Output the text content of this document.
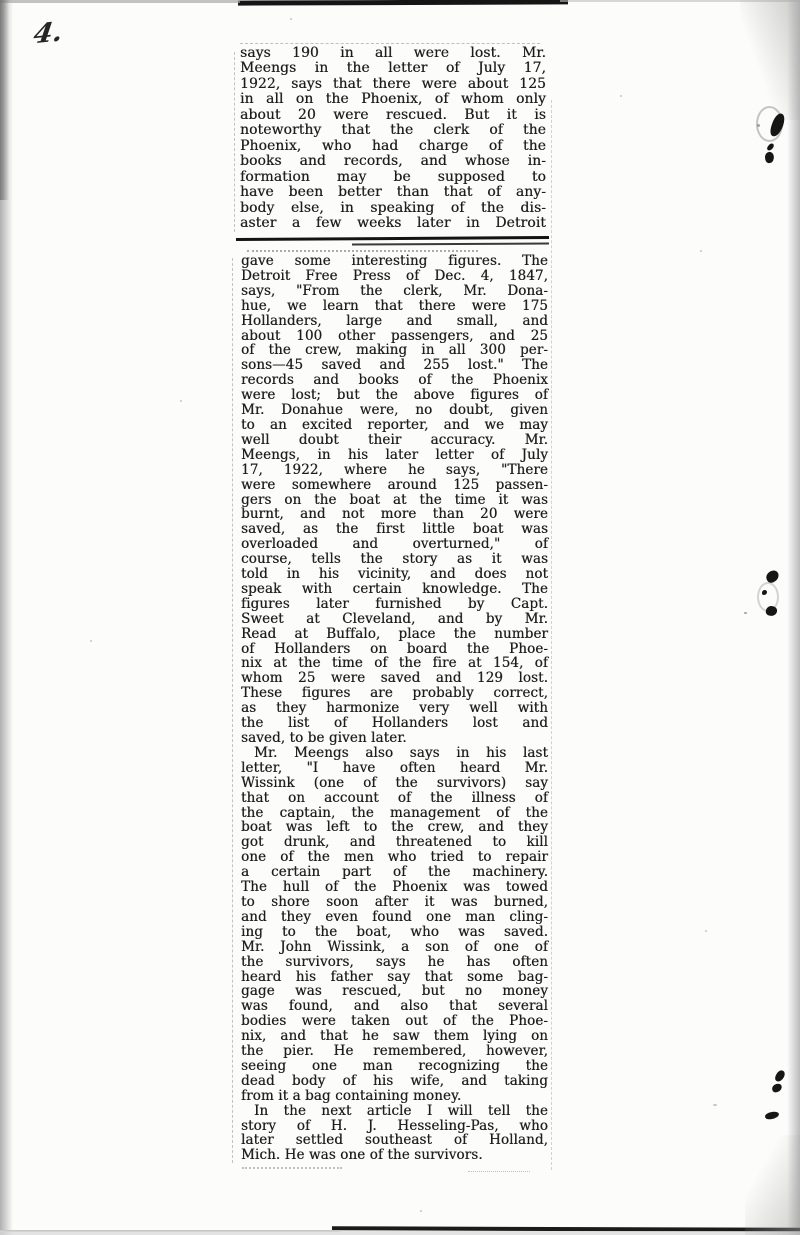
4.
says 190 in all were lost. Mr.
Meengs in the letter of July 17,
1922, says that there were about 125
in all on the Phoenix, of whom only
about 20 were rescued. But it is
noteworthy that the clerk of the
Phoenix, who had charge of the
books and records, and whose in-
formation may be supposed to
have been better than that of any-
body else, in speaking of the dis-
aster a few weeks later in Detroit
gave some interesting figures. The
Detroit Free Press of Dec. 4, 1847,
says, "From the clerk, Mr. Dona-
hue, we learn that there were 175
Hollanders, large and small, and
about 100 other passengers, and 25
of the crew, making in all 300 per-
sons—45 saved and 255 lost." The
records and books of the Phoenix
were lost; but the above figures of
Mr. Donahue were, no doubt, given
to an excited reporter, and we may
well doubt their accuracy. Mr.
Meengs, in his later letter of July
17, 1922, where he says, "There
were somewhere around 125 passen-
gers on the boat at the time it was
burnt, and not more than 20 were
saved, as the first little boat was
overloaded and overturned," of
course, tells the story as it was
told in his vicinity, and does not
speak with certain knowledge. The
figures later furnished by Capt.
Sweet at Cleveland, and by Mr.
Read at Buffalo, place the number
of Hollanders on board the Phoe-
nix at the time of the fire at 154, of
whom 25 were saved and 129 lost.
These figures are probably correct,
as they harmonize very well with
the list of Hollanders lost and
saved, to be given later.
Mr. Meengs also says in his last
letter, "I have often heard Mr.
Wissink (one of the survivors) say
that on account of the illness of
the captain, the management of the
boat was left to the crew, and they
got drunk, and threatened to kill
one of the men who tried to repair
a certain part of the machinery.
The hull of the Phoenix was towed
to shore soon after it was burned,
and they even found one man cling-
ing to the boat, who was saved.
Mr. John Wissink, a son of one of
the survivors, says he has often
heard his father say that some bag-
gage was rescued, but no money
was found, and also that several
bodies were taken out of the Phoe-
nix, and that he saw them lying on
the pier. He remembered, however,
seeing one man recognizing the
dead body of his wife, and taking
from it a bag containing money.
In the next article I will tell the
story of H. J. Hesseling-Pas, who
later settled southeast of Holland,
Mich. He was one of the survivors.
